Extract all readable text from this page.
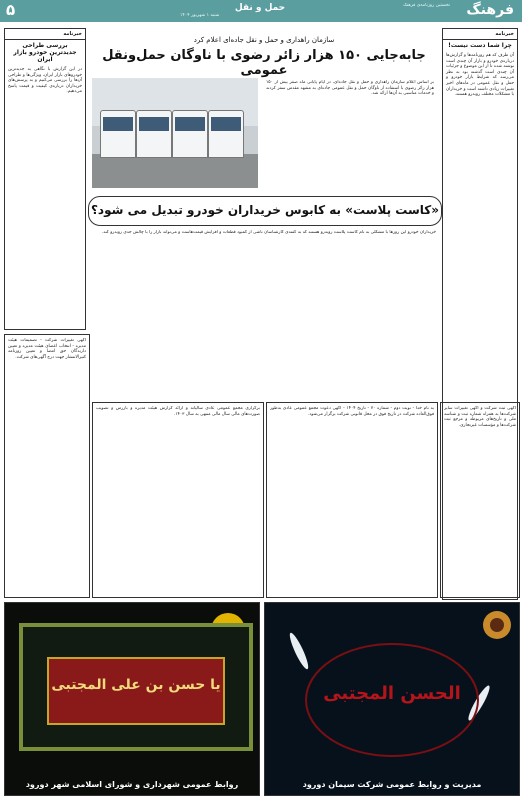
فرهنگ
نخستین روزنامه‌ی فرهنگ
حمل و نقل
شنبه ۱ شهریور ۱۴۰۴
۵
خبرنامه
چرا شما دست نیست!
آن طرف که هم روزنامه‌ها و گزارش‌ها درباره‌ی خودرو و بازار آن چندی است نوشته شده تا از این موضوع و جزئیات آن چندی است گذشته بود به نظر می‌رسد که شرایط بازار خودرو و حمل و نقل عمومی در ماه‌های اخیر تغییرات زیادی داشته است و خریداران با مشکلات مختلف روبه‌رو هستند.
خبرنامه
بررسی طراحی جدیدترین خودرو بازار ایران
در این گزارش با نگاهی به جدیدترین خودروهای بازار ایران، ویژگی‌ها و طراحی آن‌ها را بررسی می‌کنیم و به پرسش‌های خریداران درباره‌ی کیفیت و قیمت پاسخ می‌دهیم.
سازمان راهداری و حمل و نقل جاده‌ای اعلام کرد
جابه‌جایی ۱۵۰ هزار زائر رضوی با ناوگان حمل‌ونقل عمومی
بر اساس اعلام سازمان راهداری و حمل و نقل جاده‌ای، در ایام پایانی ماه صفر بیش از ۱۵۰ هزار زائر رضوی با استفاده از ناوگان حمل و نقل عمومی جاده‌ای به مشهد مقدس سفر کردند و خدمات مناسبی به آن‌ها ارائه شد.
«کاست پلاست» به کابوس خریداران خودرو تبدیل می شود؟
خریداران خودرو این روزها با مشکلی به نام کاست پلاست روبه‌رو هستند که به گفته‌ی کارشناسان ناشی از کمبود قطعات و افزایش قیمت‌هاست و می‌تواند بازار را با چالش جدی روبه‌رو کند.
به نام خدا - نوبت دوم - شماره ۷۰ - تاریخ ۱۴۰۴ - آگهی دعوت مجمع عمومی عادی به‌طور فوق‌العاده شرکت در تاریخ فوق در محل قانونی شرکت برگزار می‌شود.
برگزاری مجمع عمومی عادی سالیانه و ارائه گزارش هیئت مدیره و بازرس و تصویب صورت‌های مالی سال مالی منتهی به سال ۱۴۰۳.
آگهی تغییرات شرکت - تصمیمات هیئت مدیره - انتخاب اعضای هیئت مدیره و تعیین دارندگان حق امضا و تعیین روزنامه کثیرالانتشار جهت درج آگهی‌های شرکت.
آگهی ثبت شرکت و آگهی تغییرات سایر شرکت‌ها به همراه شماره ثبت و شناسه ملی و تاریخ‌های مربوطه و مرجع ثبت شرکت‌ها و مؤسسات غیرتجاری.
یا حسن بن علی المجتبی
روابط عمومی شهرداری و شورای اسلامی شهر دورود
الحسن المجتبی
مدیریت و روابط عمومی شرکت سیمان دورود
